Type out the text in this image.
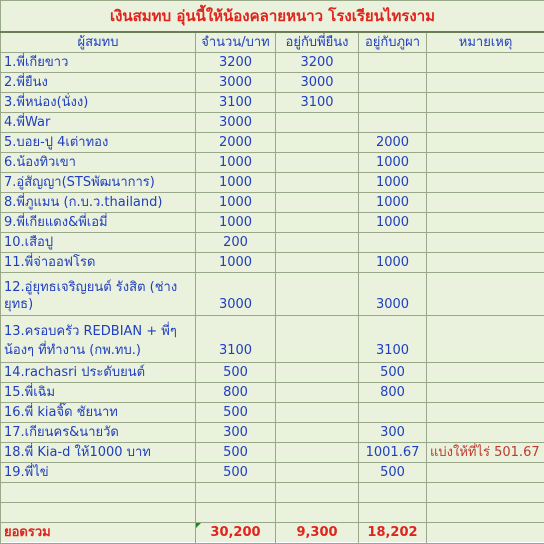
เงินสมทบ อุ่นนี้ให้น้องคลายหนาว โรงเรียนไทรงาม				
ผู้สมทบ	จำนวน/บาท	อยู่กับพี่ยืนง	อยู่กับภูผา	หมายเหตุ
1.พี่เกียขาว	3200	3200		
2.พี่ยืนง	3000	3000		
3.พี่หน่อง(นั่งง)	3100	3100		
4.พี่War	3000			
5.บอย-ปู 4เต่าทอง	2000		2000	
6.น้องทิวเขา	1000		1000	
7.อู่สัญญา(STSพัฒนาการ)	1000		1000	
8.พี่ภูแมน (ก.บ.ว.thailand)	1000		1000	
9.พี่เกียแดง&พี่เอมี่	1000		1000	
10.เสือปู	200			
11.พี่จ่าออฟโรด	1000		1000	
12.อู่ยุทธเจริญยนต์ รังสิต (ช่างยุทธ)	3000		3000	
13.ครอบครัว REDBIAN + พี่ๆ น้องๆ ที่ทำงาน (กพ.ทบ.)	3100		3100	
14.rachasri ประดับยนต์	500		500	
15.พี่เฉิม	800		800	
16.พี่ kiaจิ๊ด ชัยนาท	500			
17.เกียนคร&นายวัด	300		300	
18.พี่ Kia-d ให้1000 บาท	500		1001.67	แบ่งให้ที่ไร่ 501.67
19.พี่ไข่	500		500	

ยอดรวม	30,200	9,300	18,202	
